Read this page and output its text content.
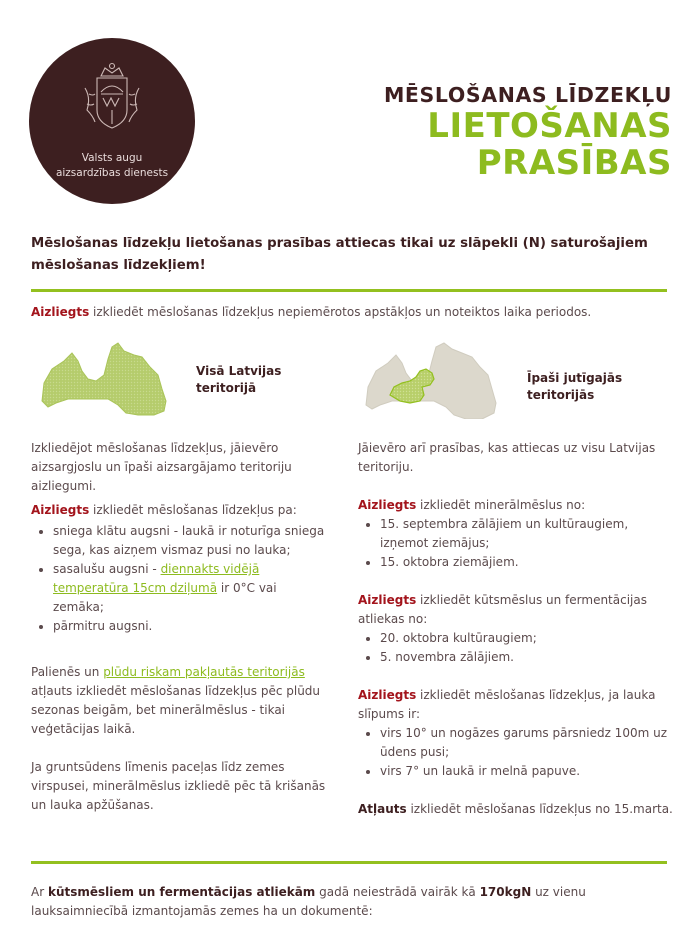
Valsts augu
aizsardzības dienests
MĒSLOŠANAS LĪDZEKĻU
LIETOŠANAS
PRASĪBAS
Mēslošanas līdzekļu lietošanas prasības attiecas tikai uz slāpekli (N) saturošajiem mēslošanas līdzekļiem!
Aizliegts izkliedēt mēslošanas līdzekļus nepiemērotos apstākļos un noteiktos laika periodos.
Visā Latvijas
teritorijā
Īpaši jutīgajās
teritorijās
Izkliedējot mēslošanas līdzekļus, jāievēro aizsargjoslu un īpaši aizsargājamo teritoriju aizliegumi.
Aizliegts izkliedēt mēslošanas līdzekļus pa:
• sniega klātu augsni - laukā ir noturīga sniega sega, kas aizņem vismaz pusi no lauka;
• sasalušu augsni - diennakts vidējā temperatūra 15cm dziļumā ir 0°C vai zemāka;
• pārmitru augsni.
Palienēs un plūdu riskam pakļautās teritorijās atļauts izkliedēt mēslošanas līdzekļus pēc plūdu sezonas beigām, bet minerālmēslus - tikai veģetācijas laikā.
Ja gruntsūdens līmenis paceļas līdz zemes virspusei, minerālmēslus izkliedē pēc tā krišanās un lauka apžūšanas.
Jāievēro arī prasības, kas attiecas uz visu Latvijas teritoriju.
Aizliegts izkliedēt minerālmēslus no:
• 15. septembra zālājiem un kultūraugiem, izņemot ziemājus;
• 15. oktobra ziemājiem.
Aizliegts izkliedēt kūtsmēslus un fermentācijas atliekas no:
• 20. oktobra kultūraugiem;
• 5. novembra zālājiem.
Aizliegts izkliedēt mēslošanas līdzekļus, ja lauka slīpums ir:
• virs 10° un nogāzes garums pārsniedz 100m uz ūdens pusi;
• virs 7° un laukā ir melnā papuve.
Atļauts izkliedēt mēslošanas līdzekļus no 15.marta.
Ar kūtsmēsliem un fermentācijas atliekām gadā neiestrādā vairāk kā 170kgN uz vienu lauksaimniecībā izmantojamās zemes ha un dokumentē:
